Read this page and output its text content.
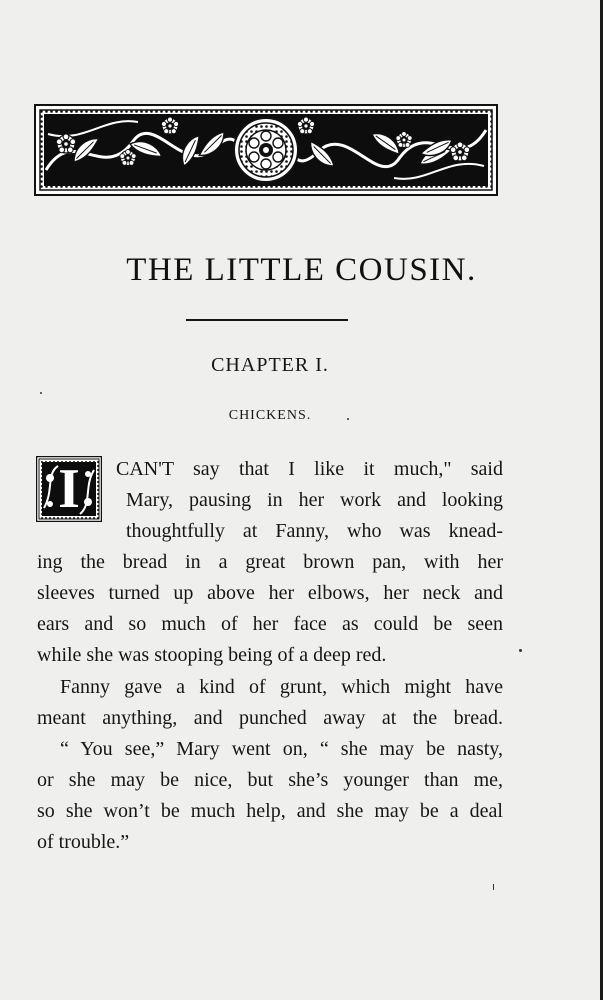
THE LITTLE COUSIN.
CHAPTER I.
CHICKENS.
I	CAN'T say that I like it much," said

Mary, pausing in her work and looking

thoughtfully at Fanny, who was knead-

ing the bread in a great brown pan, with her

sleeves turned up above her elbows, her neck and

ears and so much of her face as could be seen

while she was stooping being of a deep red.

Fanny gave a kind of grunt, which might have

meant anything, and punched away at the bread.

“ You see,” Mary went on, “ she may be nasty,

or she may be nice, but she’s younger than me,

so she won’t be much help, and she may be a deal

of trouble.”
